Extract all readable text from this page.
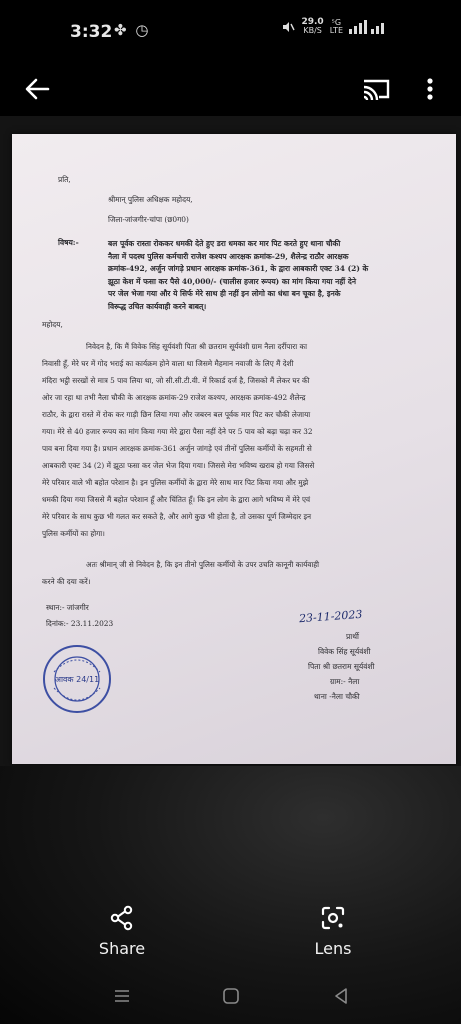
3:32 ✤ ◷	29.0
KB/S
⁵G
LTE
प्रति,
श्रीमान् पुलिस अधिक्षक महोदय,
जिला-जांजगीर-चांपा (छ0ग0)
विषय:-	बल पूर्वक रास्ता रोककर धमकी देते हुए डरा धमका कर मार पिट करते हुए थाना चौकी
नैला में पदस्थ पुलिस कर्मचारी राजेश कश्यप आरक्षक क्रमांक-29, शैलेन्द्र राठौर आरक्षक
क्रमांक-492, अर्जुन जांगड़े प्रधान आरक्षक क्रमांक-361, के द्वारा आबकारी एक्ट 34 (2) के
झूठा केश में फसा कर पैसे 40,000/- (चालीस हजार रूपय) का मांग किया गया नहीं देने
पर जेल भेजा गया और ये सिर्फ मेरे साथ ही नहीं इन लोगो का धंधा बन चूका है, इनके
विरूद्ध उचित कार्यवाही करने बाबत्।
महोदय,
निवेदन है, कि मैं विवेक सिंह सूर्यवंशी पिता श्री छतराम सूर्यवंशी ग्राम नैला दर्रीपारा का
निवासी हूँ, मेरे घर में गोद भराई का कार्यक्रम होने वाला था जिसमे मैहमान नवाजी के लिए मैं देशी
मंदिरा भट्ठी सरखों से मात्र 5 पाव लिया था, जो सी.सी.टी.वी. में रिकार्ड दर्ज है, जिसको मैं लेकर घर की
ओर जा रहा था तभी नैला चौकी के आरक्षक क्रमांक-29 राजेश कश्यप, आरक्षक क्रमांक-492 शैलेन्द्र
राठौर, के द्वारा रास्ते में रोक कर गाड़ी छिन लिया गया और जबरन बल पूर्वक मार पिट कर चौकी लेजाया
गया। मेरे से 40 हजार रूपय का मांग किया गया मेरे द्वारा पैसा नहीं देने पर 5 पाव को बढ़ा चढ़ा कर 32
पाव बना दिया गया है। प्रधान आरक्षक क्रमांक-361 अर्जुन जांगड़े एवं तीनों पुलिस कर्मीयों के सहमती से
आबकारी एक्ट 34 (2) में झूठा फसा कर जेल भेज दिया गया। जिससे मेरा भविष्य खराब हो गया जिससे
मेरे परिवार वाले भी बहोत परेशान है। इन पुलिस कर्मीयों के द्वारा मेरे साथ मार पिट किया गया और मुझे
धमकी दिया गया जिससे मैं बहोत परेशान हूँ और चिंतित हूँ। कि इन लोग के द्वारा आगे भविष्य में मेरे एवं
मेरे परिवार के साथ कुछ भी गलत कर सकते है, और आगे कुछ भी होता है, तो उसका पूर्ण जिम्मेदार इन
पुलिस कर्मीयों का होगा।
अतः श्रीमान् जी से निवेदन है, कि इन तीनो पुलिस कर्मीयों के उपर उचति कानूनी कार्यवाही
करने की दया करें।
स्थान:- जांजगीर
दिनांक:- 23.11.2023	23-11-2023
प्रार्थी
विवेक सिंह सूर्यवंशी
पिता श्री छतराम सूर्यवंशी
ग्राम:- नैला
थाना -नैला चौकी
आवक 24/11
Share	Lens
